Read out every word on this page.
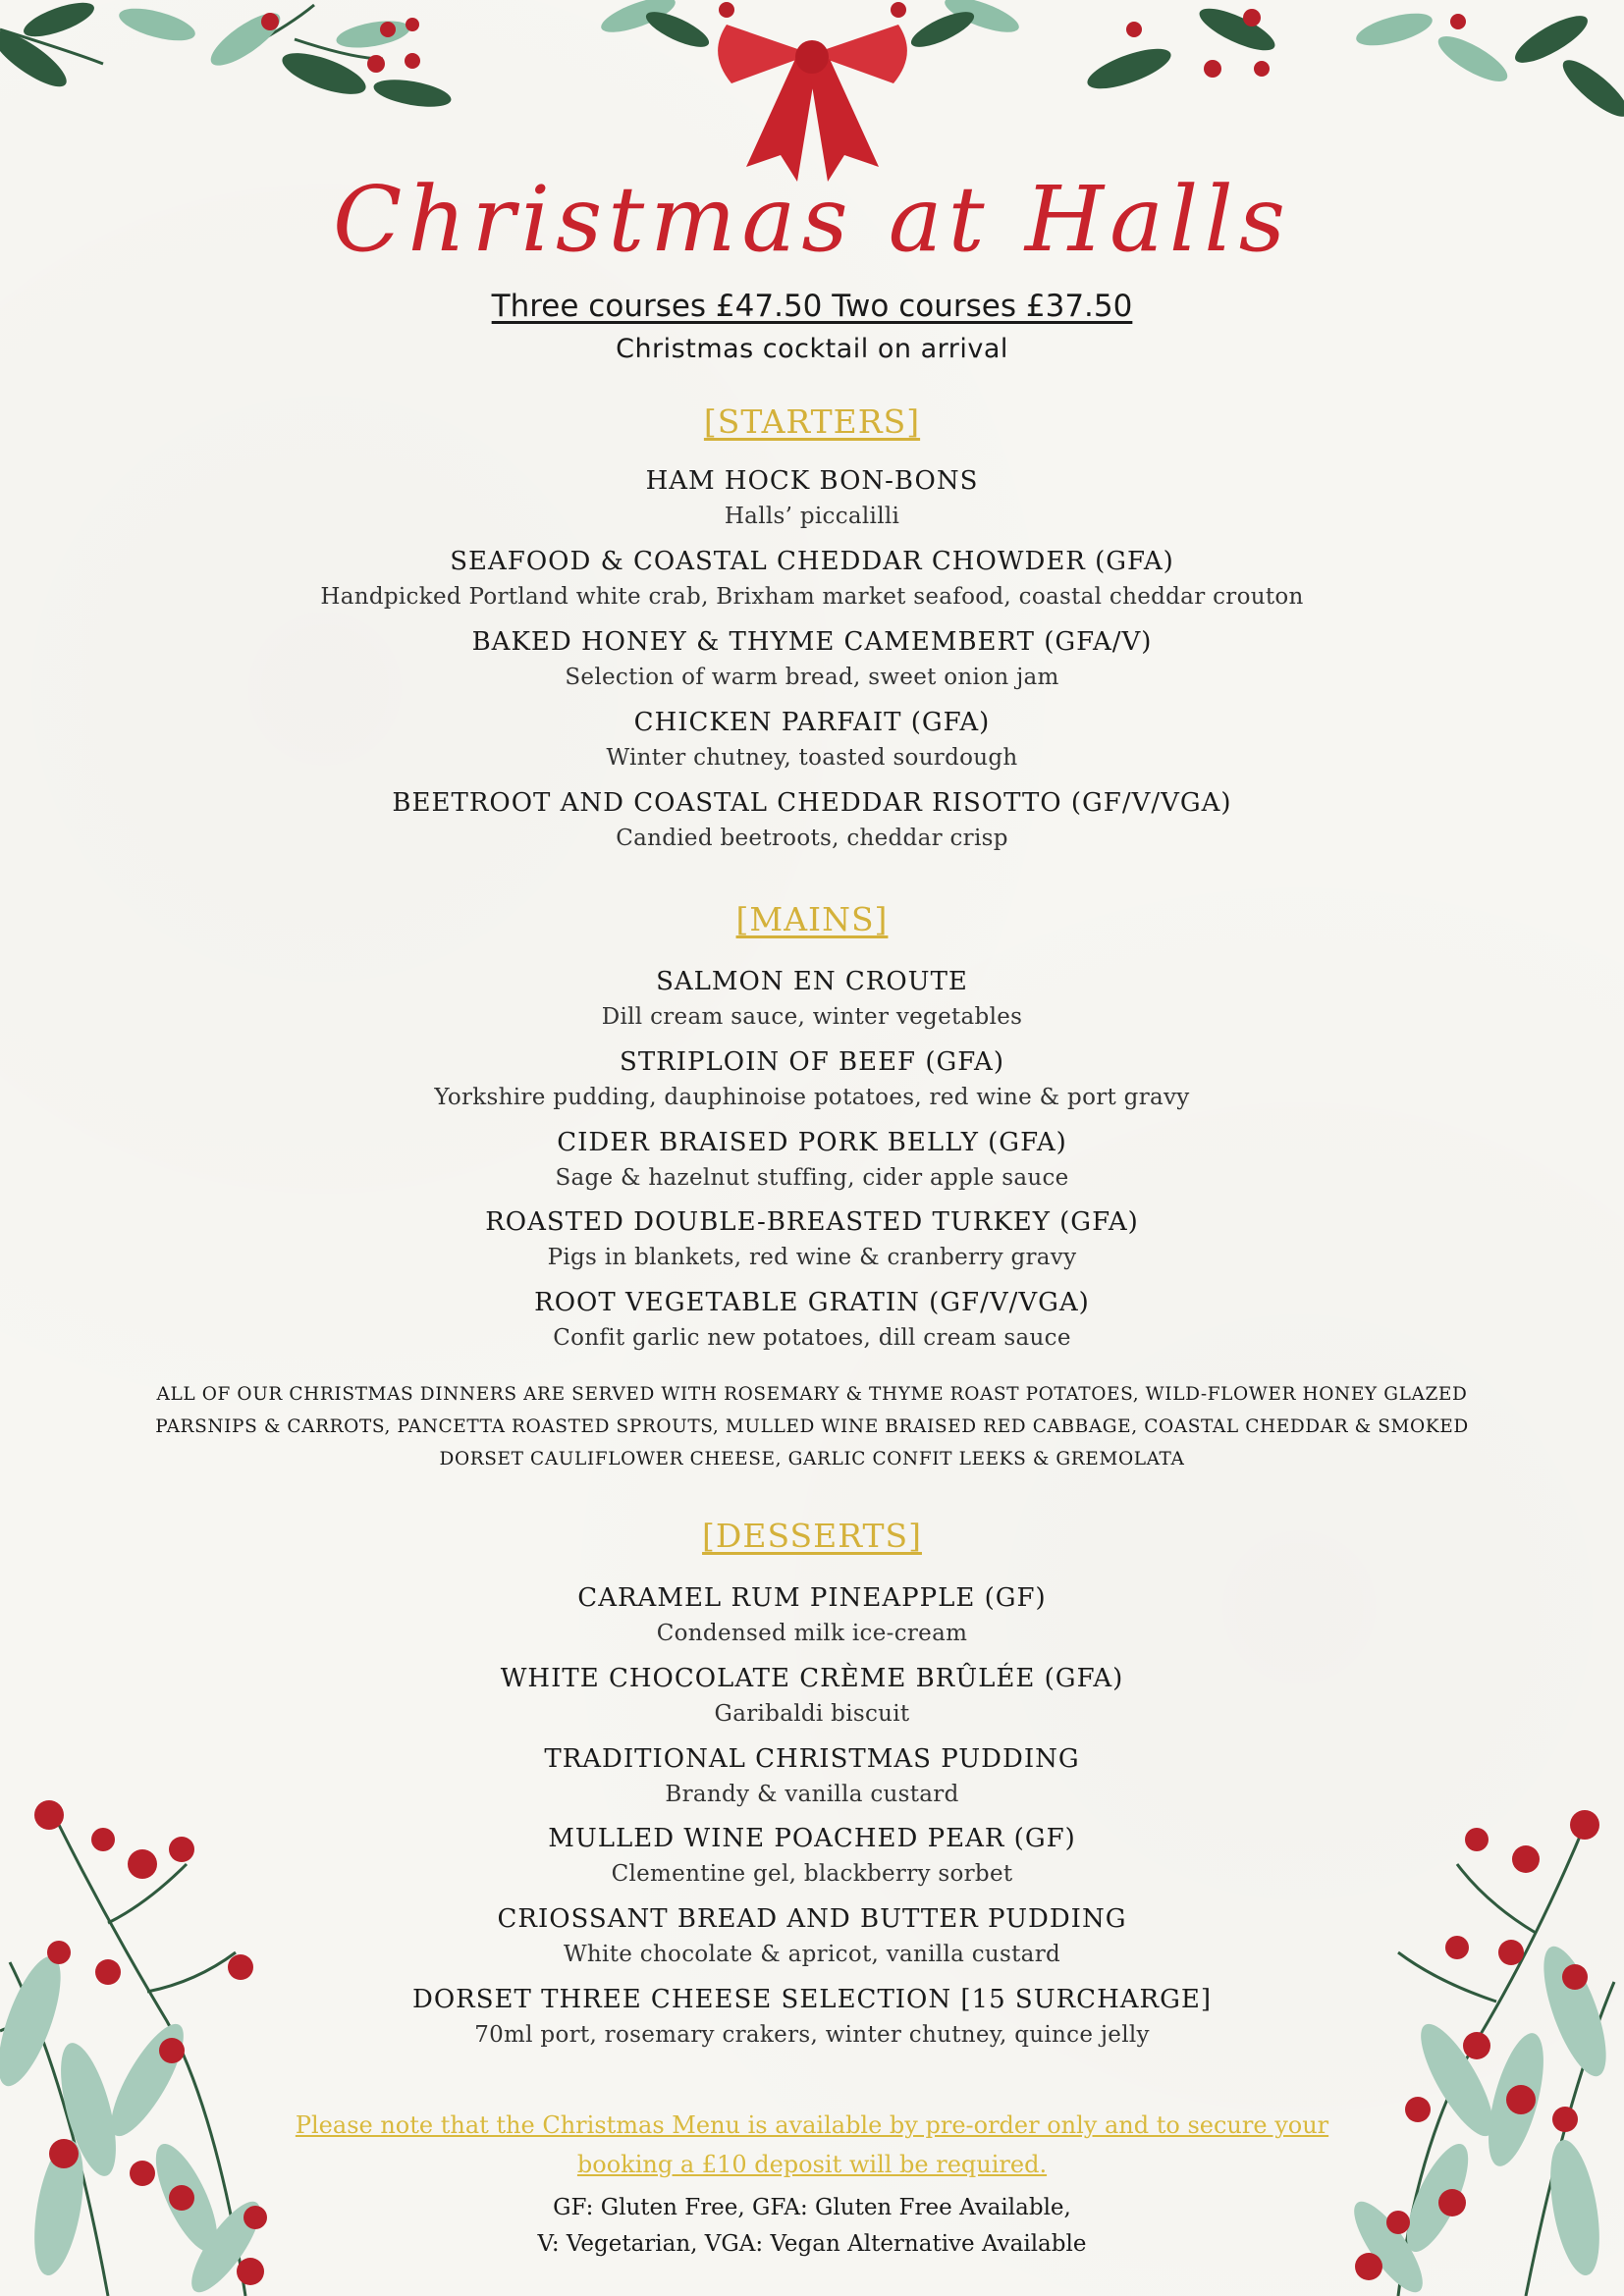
Christmas at Halls
Three courses £47.50 Two courses £37.50
Christmas cocktail on arrival
[STARTERS]
HAM HOCK BON-BONS
Halls’ piccalilli
SEAFOOD & COASTAL CHEDDAR CHOWDER (GFA)
Handpicked Portland white crab, Brixham market seafood, coastal cheddar crouton
BAKED HONEY & THYME CAMEMBERT (GFA/V)
Selection of warm bread, sweet onion jam
CHICKEN PARFAIT (GFA)
Winter chutney, toasted sourdough
BEETROOT AND COASTAL CHEDDAR RISOTTO (GF/V/VGA)
Candied beetroots, cheddar crisp
[MAINS]
SALMON EN CROUTE
Dill cream sauce, winter vegetables
STRIPLOIN OF BEEF (GFA)
Yorkshire pudding, dauphinoise potatoes, red wine & port gravy
CIDER BRAISED PORK BELLY (GFA)
Sage & hazelnut stuffing, cider apple sauce
ROASTED DOUBLE-BREASTED TURKEY (GFA)
Pigs in blankets, red wine & cranberry gravy
ROOT VEGETABLE GRATIN (GF/V/VGA)
Confit garlic new potatoes, dill cream sauce
ALL OF OUR CHRISTMAS DINNERS ARE SERVED WITH ROSEMARY & THYME ROAST POTATOES, WILD-FLOWER HONEY GLAZED PARSNIPS & CARROTS, PANCETTA ROASTED SPROUTS, MULLED WINE BRAISED RED CABBAGE, COASTAL CHEDDAR & SMOKED DORSET CAULIFLOWER CHEESE, GARLIC CONFIT LEEKS & GREMOLATA
[DESSERTS]
CARAMEL RUM PINEAPPLE (GF)
Condensed milk ice-cream
WHITE CHOCOLATE CRÈME BRÛLÉE (GFA)
Garibaldi biscuit
TRADITIONAL CHRISTMAS PUDDING
Brandy & vanilla custard
MULLED WINE POACHED PEAR (GF)
Clementine gel, blackberry sorbet
CRIOSSANT BREAD AND BUTTER PUDDING
White chocolate & apricot, vanilla custard
DORSET THREE CHEESE SELECTION [15 SURCHARGE]
70ml port, rosemary crakers, winter chutney, quince jelly
Please note that the Christmas Menu is available by pre-order only and to secure your booking a £10 deposit will be required.
GF: Gluten Free, GFA: Gluten Free Available,
V: Vegetarian, VGA: Vegan Alternative Available
